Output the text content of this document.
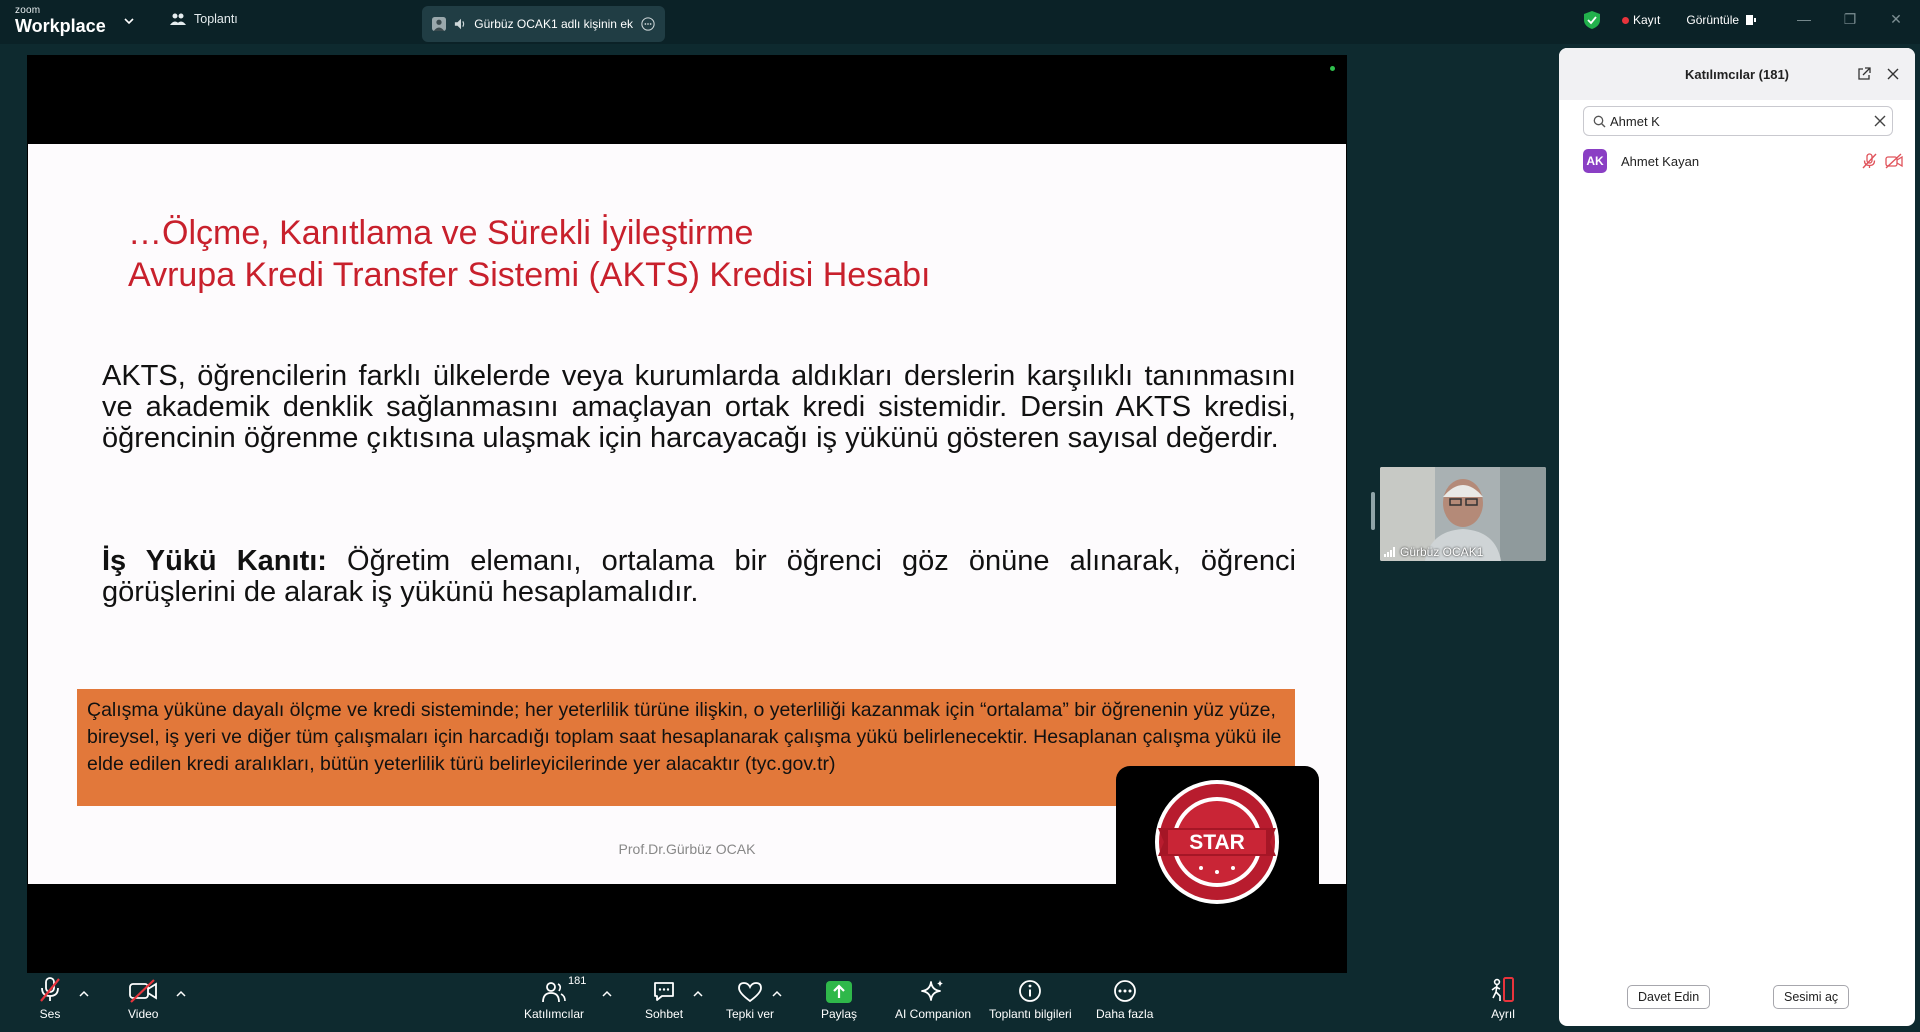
zoom
Workplace	Toplantı	Gürbüz OCAK1 adlı kişinin ek	Kayıt Görüntüle	—	❐	✕
…Ölçme, Kanıtlama ve Sürekli İyileştirme
Avrupa Kredi Transfer Sistemi (AKTS) Kredisi Hesabı

AKTS, öğrencilerin farklı ülkelerde veya kurumlarda aldıkları derslerin karşılıklı tanınmasını ve akademik denklik sağlanmasını amaçlayan ortak kredi sistemidir. Dersin AKTS kredisi, öğrencinin öğrenme çıktısına ulaşmak için harcayacağı iş yükünü gösteren sayısal değerdir.

İş Yükü Kanıtı: Öğretim elemanı, ortalama bir öğrenci göz önüne alınarak, öğrenci görüşlerini de alarak iş yükünü hesaplamalıdır.

Çalışma yüküne dayalı ölçme ve kredi sisteminde; her yeterlilik türüne ilişkin, o yeterliliği kazanmak için “ortalama” bir öğrenenin yüz yüze, bireysel, iş yeri ve diğer tüm çalışmaları için harcadığı toplam saat hesaplanarak çalışma yükü belirlenecektir. Hesaplanan çalışma yükü ile elde edilen kredi aralıkları, bütün yeterlilik türü belirleyicilerinde yer alacaktır (tyc.gov.tr)
Prof.Dr.Gürbüz OCAK	STAR
Gürbüz OCAK1
Katılımcılar (181)
Ahmet K
AK Ahmet Kayan
Davet Edin	Sesimi aç
Ses	Video
181
Katılımcılar	Sohbet	Tepki ver	Paylaş	AI Companion Toplantı bilgileri Daha fazla	Ayrıl
